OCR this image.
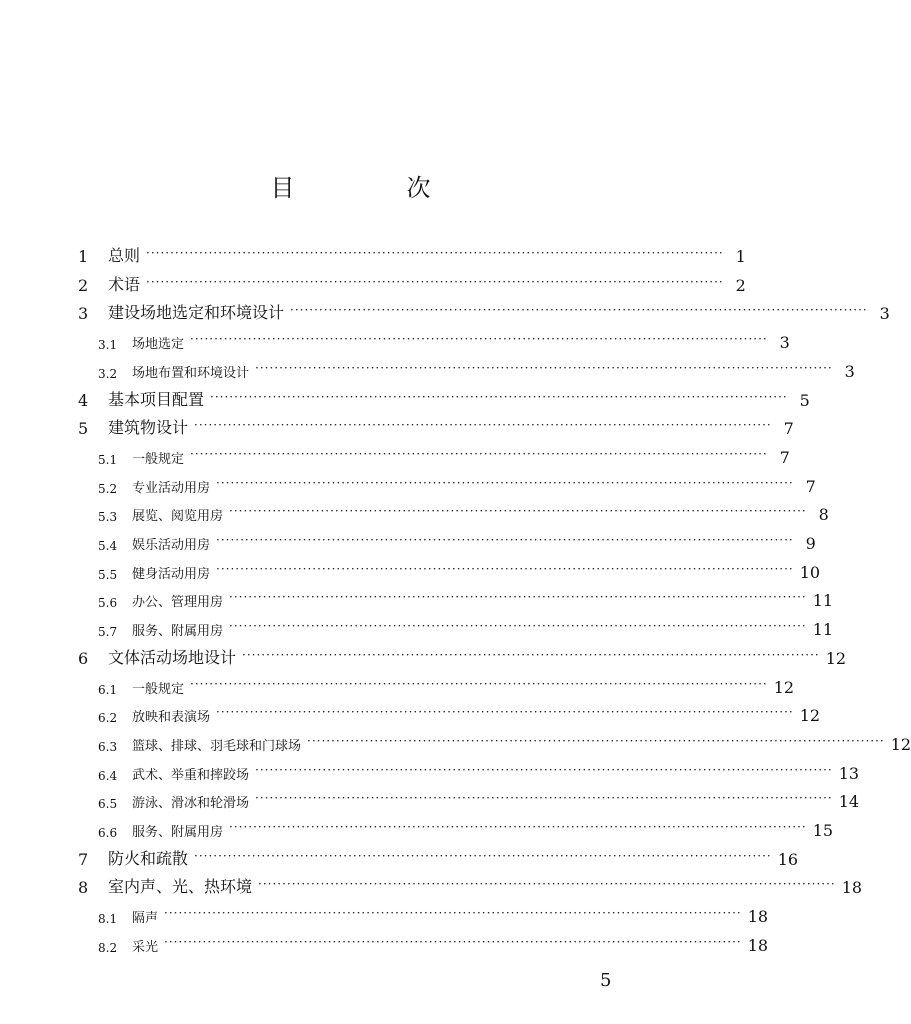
目　次
1	总则 ························································································································ 1
2	术语 ························································································································ 2
3	建设场地选定和环境设计 ························································································································ 3
3.1	场地选定 ························································································································ 3
3.2	场地布置和环境设计 ························································································································ 3
4	基本项目配置 ························································································································ 5
5	建筑物设计 ························································································································ 7
5.1	一般规定 ························································································································ 7
5.2	专业活动用房 ························································································································ 7
5.3	展览、阅览用房 ························································································································ 8
5.4	娱乐活动用房 ························································································································ 9
5.5	健身活动用房 ························································································································ 10
5.6	办公、管理用房 ························································································································ 11
5.7	服务、附属用房 ························································································································ 11
6	文体活动场地设计 ························································································································ 12
6.1	一般规定 ························································································································ 12
6.2	放映和表演场 ························································································································ 12
6.3	篮球、排球、羽毛球和门球场 ························································································································ 12
6.4	武术、举重和摔跤场 ························································································································ 13
6.5	游泳、滑冰和轮滑场 ························································································································ 14
6.6	服务、附属用房 ························································································································ 15
7	防火和疏散 ························································································································ 16
8	室内声、光、热环境 ························································································································ 18
8.1	隔声 ························································································································ 18
8.2	采光 ························································································································ 18
5
